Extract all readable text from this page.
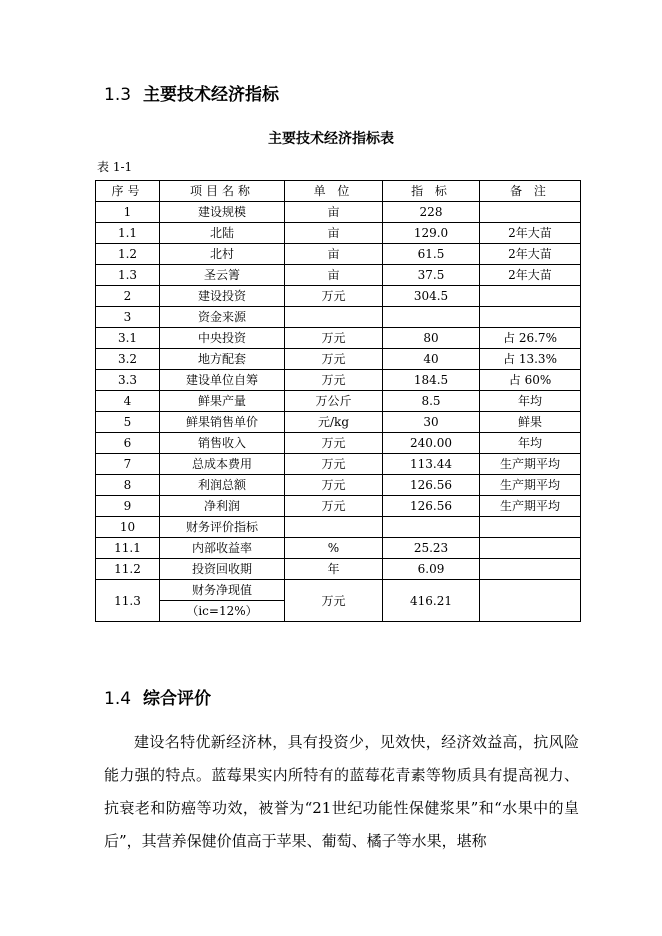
1.3 主要技术经济指标
主要技术经济指标表
表 1-1
序号	项目名称	单 位	指 标	备 注
1	建设规模	亩	228	
1.1	北陆	亩	129.0	2年大苗
1.2	北村	亩	61.5	2年大苗
1.3	圣云箐	亩	37.5	2年大苗
2	建设投资	万元	304.5	
3	资金来源			
3.1	中央投资	万元	80	占 26.7%
3.2	地方配套	万元	40	占 13.3%
3.3	建设单位自筹	万元	184.5	占 60%
4	鲜果产量	万公斤	8.5	年均
5	鲜果销售单价	元/kg	30	鲜果
6	销售收入	万元	240.00	年均
7	总成本费用	万元	113.44	生产期平均
8	利润总额	万元	126.56	生产期平均
9	净利润	万元	126.56	生产期平均
10	财务评价指标			
11.1	内部收益率	%	25.23	
11.2	投资回收期	年	6.09	
11.3	财务净现值	万元	416.21	
	（ic=12%）			
1.4 综合评价
建设名特优新经济林，具有投资少，见效快，经济效益高，抗风险能力强的特点。蓝莓果实内所特有的蓝莓花青素等物质具有提高视力、抗衰老和防癌等功效，被誉为“21世纪功能性保健浆果”和“水果中的皇后”，其营养保健价值高于苹果、葡萄、橘子等水果，堪称
